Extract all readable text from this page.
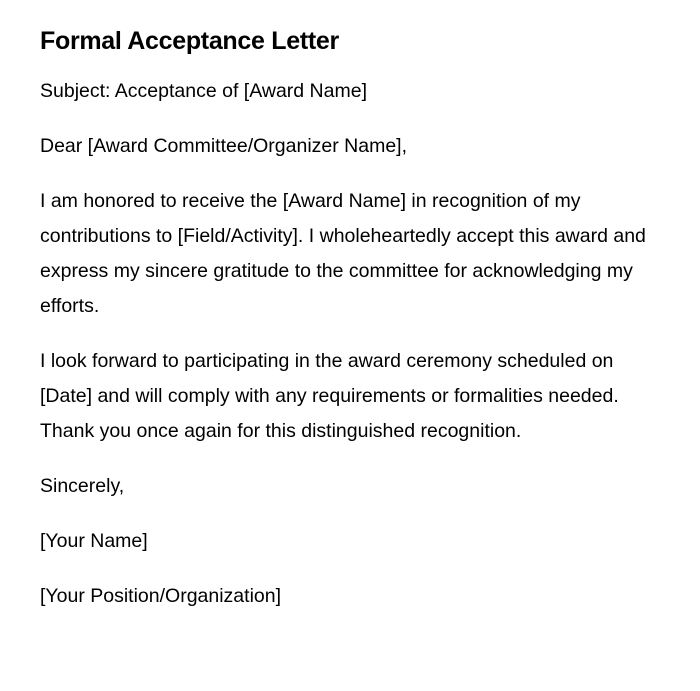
Formal Acceptance Letter

Subject: Acceptance of [Award Name]

Dear [Award Committee/Organizer Name],

I am honored to receive the [Award Name] in recognition of my contributions to [Field/Activity]. I wholeheartedly accept this award and express my sincere gratitude to the committee for acknowledging my efforts.

I look forward to participating in the award ceremony scheduled on [Date] and will comply with any requirements or formalities needed. Thank you once again for this distinguished recognition.

Sincerely,

[Your Name]

[Your Position/Organization]
